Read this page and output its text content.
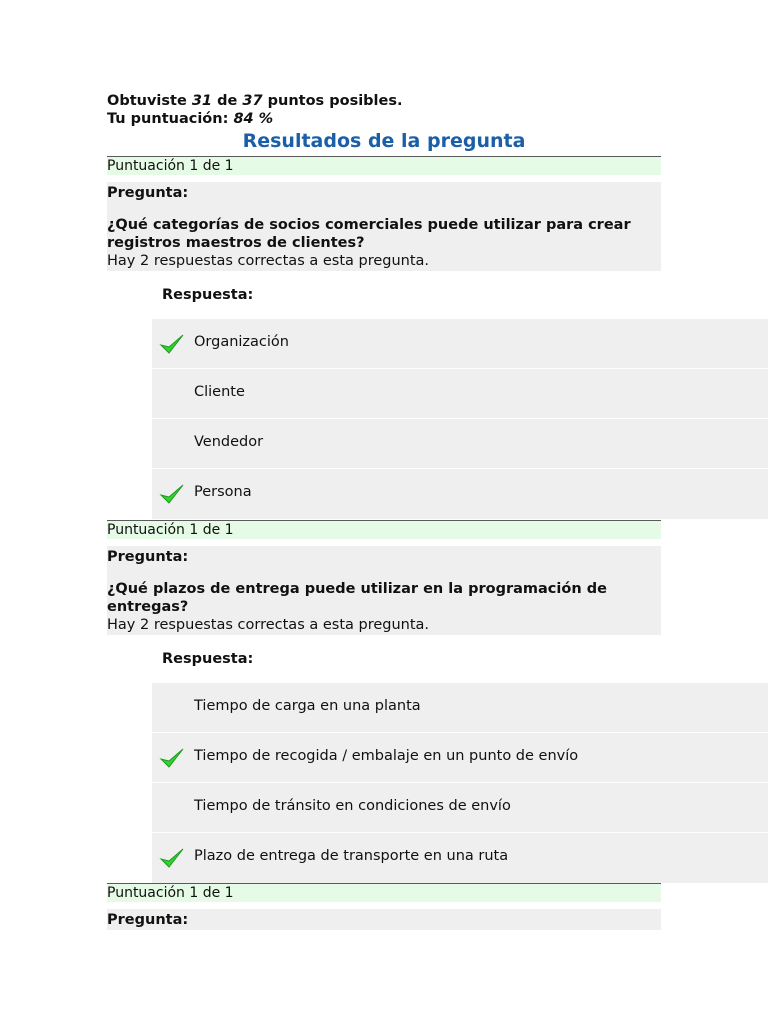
Obtuviste 31 de 37 puntos posibles.
Tu puntuación: 84 %
Resultados de la pregunta
Puntuación 1 de 1
Pregunta:
¿Qué categorías de socios comerciales puede utilizar para crear registros maestros de clientes?
Hay 2 respuestas correctas a esta pregunta.
Respuesta:
Organización
Cliente
Vendedor
Persona
Puntuación 1 de 1
Pregunta:
¿Qué plazos de entrega puede utilizar en la programación de entregas?
Hay 2 respuestas correctas a esta pregunta.
Respuesta:
Tiempo de carga en una planta
Tiempo de recogida / embalaje en un punto de envío
Tiempo de tránsito en condiciones de envío
Plazo de entrega de transporte en una ruta
Puntuación 1 de 1
Pregunta:
